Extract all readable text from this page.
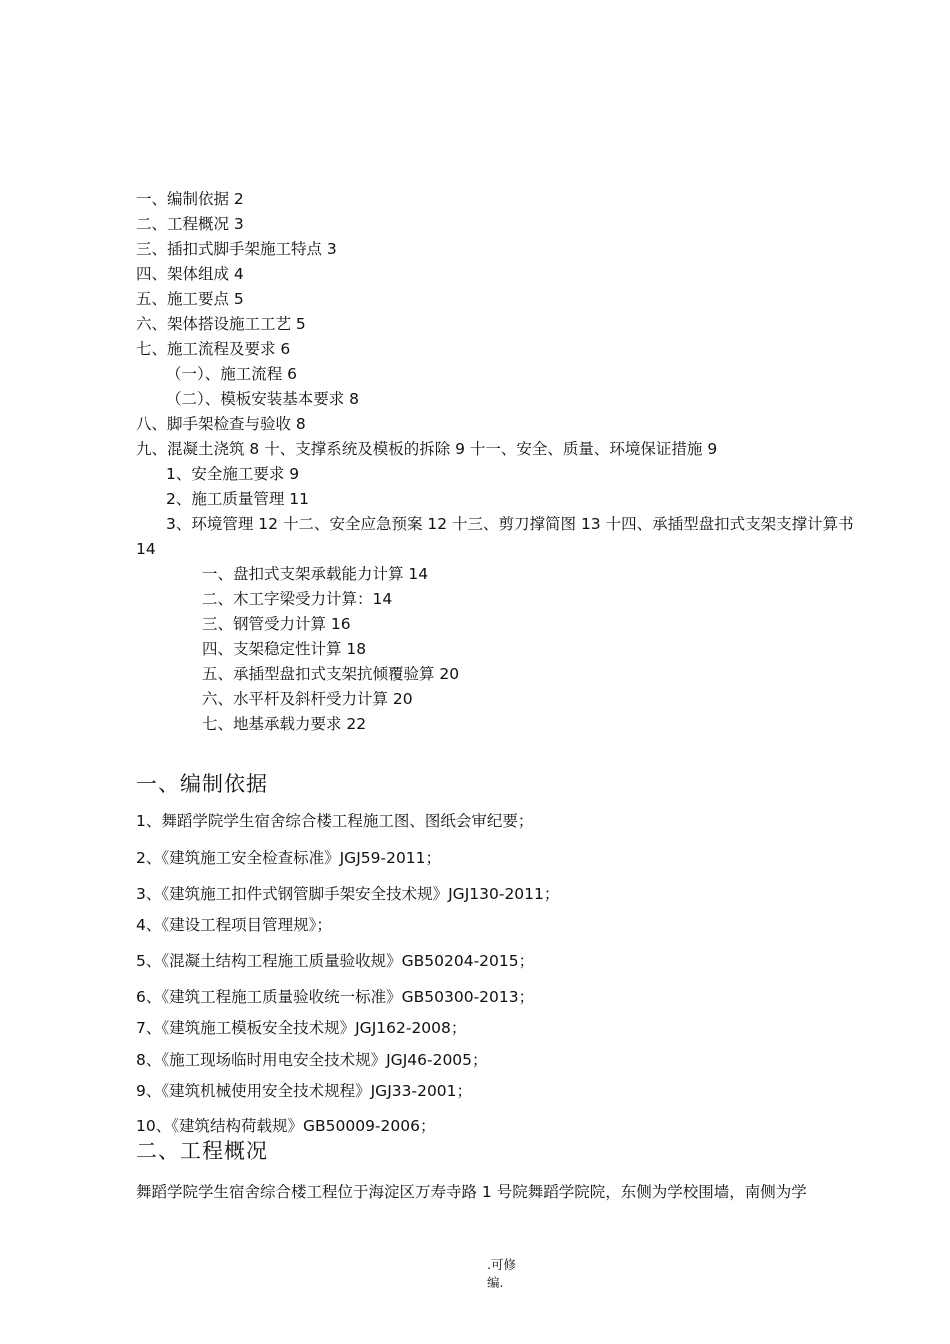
一、编制依据 2
二、工程概况 3
三、插扣式脚手架施工特点 3
四、架体组成 4
五、施工要点 5
六、架体搭设施工工艺 5
七、施工流程及要求 6
（一）、施工流程 6
（二）、模板安装基本要求 8
八、脚手架检查与验收 8
九、混凝土浇筑 8 十、支撑系统及模板的拆除 9 十一、安全、质量、环境保证措施 9
1、安全施工要求 9
2、施工质量管理 11
3、环境管理 12 十二、安全应急预案 12 十三、剪刀撑简图 13 十四、承插型盘扣式支架支撑计算书 14
一、盘扣式支架承载能力计算 14
二、木工字梁受力计算：14
三、钢管受力计算 16
四、支架稳定性计算 18
五、承插型盘扣式支架抗倾覆验算 20
六、水平杆及斜杆受力计算 20
七、地基承载力要求 22
一、编制依据
1、舞蹈学院学生宿舍综合楼工程施工图、图纸会审纪要；
2、《建筑施工安全检查标准》JGJ59-2011；
3、《建筑施工扣件式钢管脚手架安全技术规》JGJ130-2011；
4、《建设工程项目管理规》；
5、《混凝土结构工程施工质量验收规》GB50204-2015；
6、《建筑工程施工质量验收统一标准》GB50300-2013；
7、《建筑施工模板安全技术规》JGJ162-2008；
8、《施工现场临时用电安全技术规》JGJ46-2005；
9、《建筑机械使用安全技术规程》JGJ33-2001；
10、《建筑结构荷载规》GB50009-2006；
二、工程概况
舞蹈学院学生宿舍综合楼工程位于海淀区万寿寺路 1 号院舞蹈学院院，东侧为学校围墙，南侧为学
.可修
编.
